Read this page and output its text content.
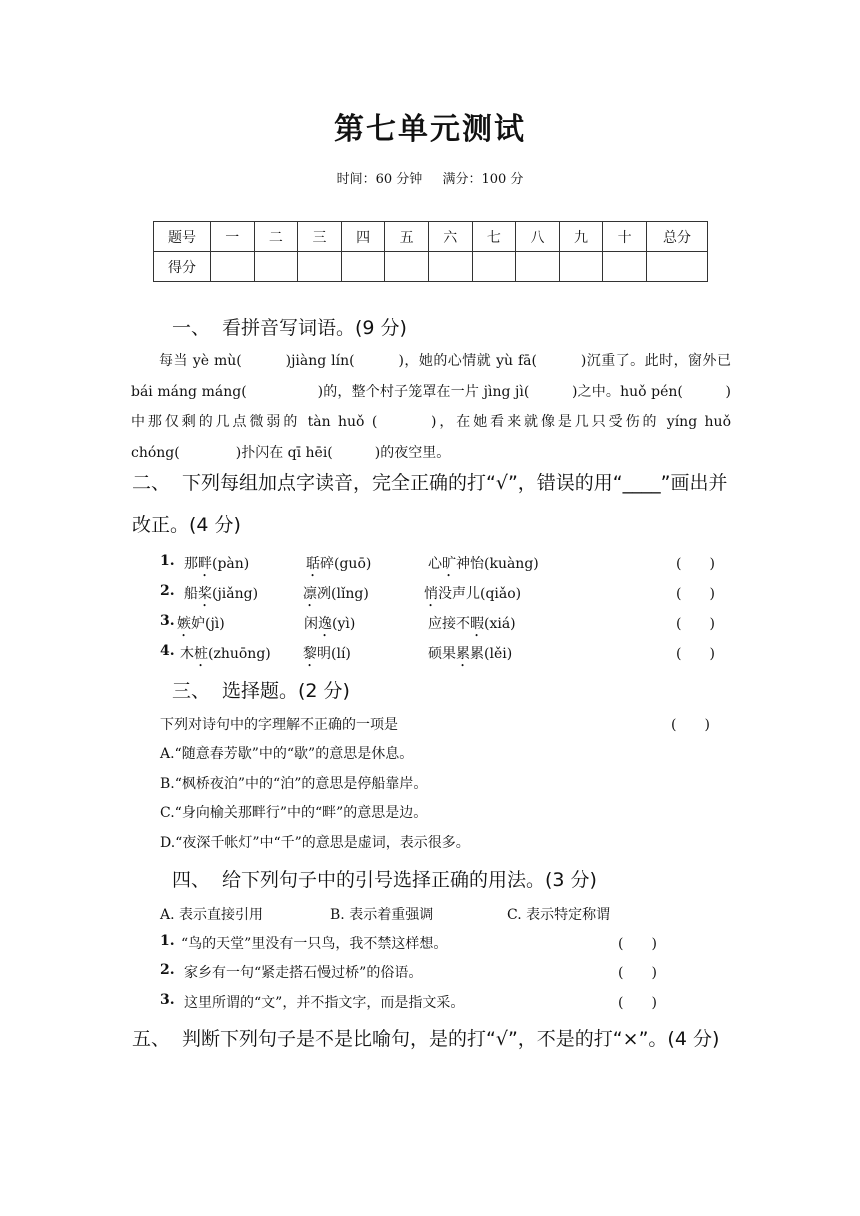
第七单元测试
时间：60 分钟 满分：100 分
题号	一	二	三	四	五	六	七	八	九	十	总分
得分											
一、 看拼音写词语。(9 分)
每当 yè mù(　　　)jiàng lín(　　　)，她的心情就 yù fā(　　　)沉重了。此时，窗外已 bái máng máng(　　　　　)的，整个村子笼罩在一片 jìng jì(　　　)之中。huǒ pén(　　　)中那仅剩的几点微弱的 tàn huǒ (　　　)，在她看来就像是几只受伤的 yíng huǒ chóng(　　　　)扑闪在 qī hēi(　　　)的夜空里。
二、 下列每组加点字读音，完全正确的打“√”，错误的用“____”画出并改正。(4 分)
1. 那畔(pàn)	聒碎(guō)	心旷神怡(kuàng)	(　　)
2. 船桨(jiǎng)	凛冽(lǐng)	悄没声儿(qiǎo)	(　　)
3. 嫉妒(jì)	闲逸(yì)	应接不暇(xiá)	(　　)
4. 木桩(zhuōng) 黎明(lí)	硕果累累(lěi)	(　　)
三、 选择题。(2 分)
下列对诗句中的字理解不正确的一项是	(　　)
A.“随意春芳歇”中的“歇”的意思是休息。
B.“枫桥夜泊”中的“泊”的意思是停船靠岸。
C.“身向榆关那畔行”中的“畔”的意思是边。
D.“夜深千帐灯”中“千”的意思是虚词，表示很多。
四、 给下列句子中的引号选择正确的用法。(3 分)
A. 表示直接引用	B. 表示着重强调	C. 表示特定称谓
1. “鸟的天堂”里没有一只鸟，我不禁这样想。	(　　)
2. 家乡有一句“紧走搭石慢过桥”的俗语。	(　　)
3. 这里所谓的“文”，并不指文字，而是指文采。	(　　)
五、 判断下列句子是不是比喻句，是的打“√”，不是的打“×”。(4 分)
